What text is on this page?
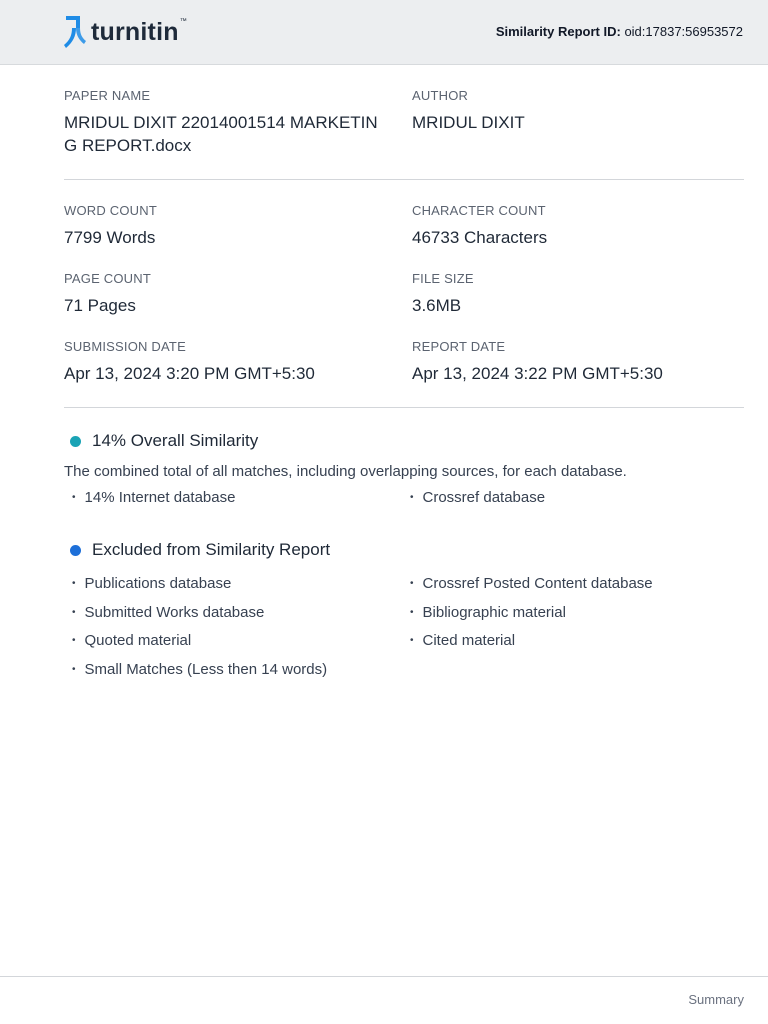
turnitin ™
Similarity Report ID: oid:17837:56953572
PAPER NAME
MRIDUL DIXIT 22014001514 MARKETIN
G REPORT.docx
AUTHOR
MRIDUL DIXIT
WORD COUNT
7799 Words
CHARACTER COUNT
46733 Characters
PAGE COUNT
71 Pages
FILE SIZE
3.6MB
SUBMISSION DATE
Apr 13, 2024 3:20 PM GMT+5:30
REPORT DATE
Apr 13, 2024 3:22 PM GMT+5:30
14% Overall Similarity
The combined total of all matches, including overlapping sources, for each database.
• 14% Internet database	• Crossref database
Excluded from Similarity Report
• Publications database
• Submitted Works database
• Quoted material
• Small Matches (Less then 14 words)
• Crossref Posted Content database
• Bibliographic material
• Cited material
Summary
